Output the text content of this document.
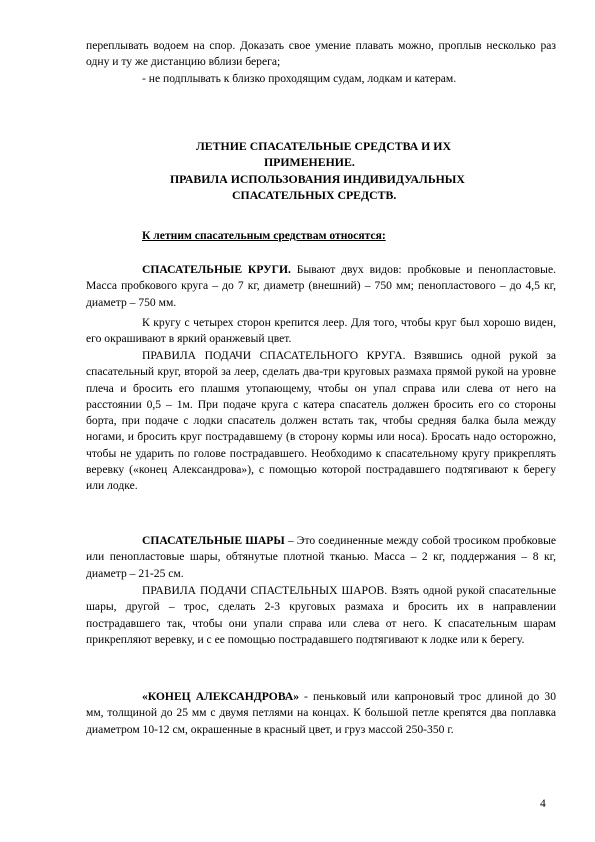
переплывать водоем на спор. Доказать свое умение плавать можно, проплыв несколько раз одну и ту же дистанцию вблизи берега;

- не подплывать к близко проходящим судам, лодкам и катерам.

ЛЕТНИЕ СПАСАТЕЛЬНЫЕ СРЕДСТВА И ИХ
ПРИМЕНЕНИЕ.
ПРАВИЛА ИСПОЛЬЗОВАНИЯ ИНДИВИДУАЛЬНЫХ
СПАСАТЕЛЬНЫХ СРЕДСТВ.

К летним спасательным средствам относятся:

СПАСАТЕЛЬНЫЕ КРУГИ. Бывают двух видов: пробковые и пенопластовые. Масса пробкового круга – до 7 кг, диаметр (внешний) – 750 мм; пенопластового – до 4,5 кг, диаметр – 750 мм.

К кругу с четырех сторон крепится леер. Для того, чтобы круг был хорошо виден, его окрашивают в яркий оранжевый цвет.

ПРАВИЛА ПОДАЧИ СПАСАТЕЛЬНОГО КРУГА. Взявшись одной рукой за спасательный круг, второй за леер, сделать два-три круговых размаха прямой рукой на уровне плеча и бросить его плашмя утопающему, чтобы он упал справа или слева от него на расстоянии 0,5 – 1м. При подаче круга с катера спасатель должен бросить его со стороны борта, при подаче с лодки спасатель должен встать так, чтобы средняя балка была между ногами, и бросить круг пострадавшему (в сторону кормы или носа). Бросать надо осторожно, чтобы не ударить по голове пострадавшего. Необходимо к спасательному кругу прикреплять веревку («конец Александрова»), с помощью которой пострадавшего подтягивают к берегу или лодке.

СПАСАТЕЛЬНЫЕ ШАРЫ – Это соединенные между собой тросиком пробковые или пенопластовые шары, обтянутые плотной тканью. Масса – 2 кг, поддержания – 8 кг, диаметр – 21-25 см.

ПРАВИЛА ПОДАЧИ СПАСТЕЛЬНЫХ ШАРОВ. Взять одной рукой спасательные шары, другой – трос, сделать 2-3 круговых размаха и бросить их в направлении пострадавшего так, чтобы они упали справа или слева от него. К спасательным шарам прикрепляют веревку, и с ее помощью пострадавшего подтягивают к лодке или к берегу.

«КОНЕЦ АЛЕКСАНДРОВА» - пеньковый или капроновый трос длиной до 30 мм, толщиной до 25 мм с двумя петлями на концах. К большой петле крепятся два поплавка диаметром 10-12 см, окрашенные в красный цвет, и груз массой 250-350 г.

4
